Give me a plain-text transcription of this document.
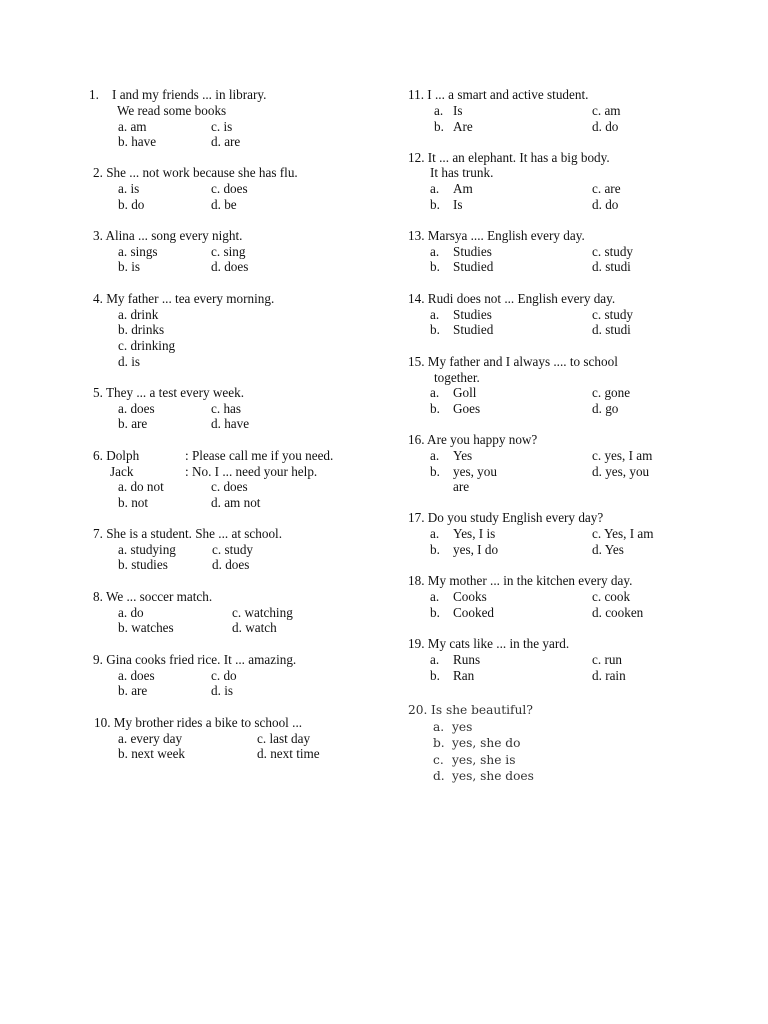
1. I and my friends ... in library.
We read some books
a. am	c. is
b. have	d. are
2. She ... not work because she has flu.
a. is	c. does
b. do	d. be
3. Alina ... song every night.
a. sings	c. sing
b. is	d. does
4. My father ... tea every morning.
a. drink
b. drinks
c. drinking
d. is
5. They ... a test every week.
a. does	c. has
b. are	d. have
6. Dolph	: Please call me if you need.
Jack	: No. I ... need your help.
a. do not	c. does
b. not	d. am not
7. She is a student. She ... at school.
a. studying	c. study
b. studies	d. does
8. We ... soccer match.
a. do	c. watching
b. watches	d. watch
9. Gina cooks fried rice. It ... amazing.
a. does	c. do
b. are	d. is
10. My brother rides a bike to school ...
a. every day	c. last day
b. next week	d. next time
11. I ... a smart and active student.
a. Is	c. am
b. Are	d. do
12. It ... an elephant. It has a big body.
It has trunk.
a. Am	c. are
b. Is	d. do
13. Marsya .... English every day.
a. Studies	c. study
b. Studied	d. studi
14. Rudi does not ... English every day.
a. Studies	c. study
b. Studied	d. studi
15. My father and I always .... to school
together.
a. Goll	c. gone
b. Goes	d. go
16. Are you happy now?
a. Yes	c. yes, I am
b. yes, you	d. yes, you
are
17. Do you study English every day?
a. Yes, I is	c. Yes, I am
b. yes, I do	d. Yes
18. My mother ... in the kitchen every day.
a. Cooks	c. cook
b. Cooked	d. cooken
19. My cats like ... in the yard.
a. Runs	c. run
b. Ran	d. rain
20. Is she beautiful?
a. yes
b. yes, she do
c. yes, she is
d. yes, she does
